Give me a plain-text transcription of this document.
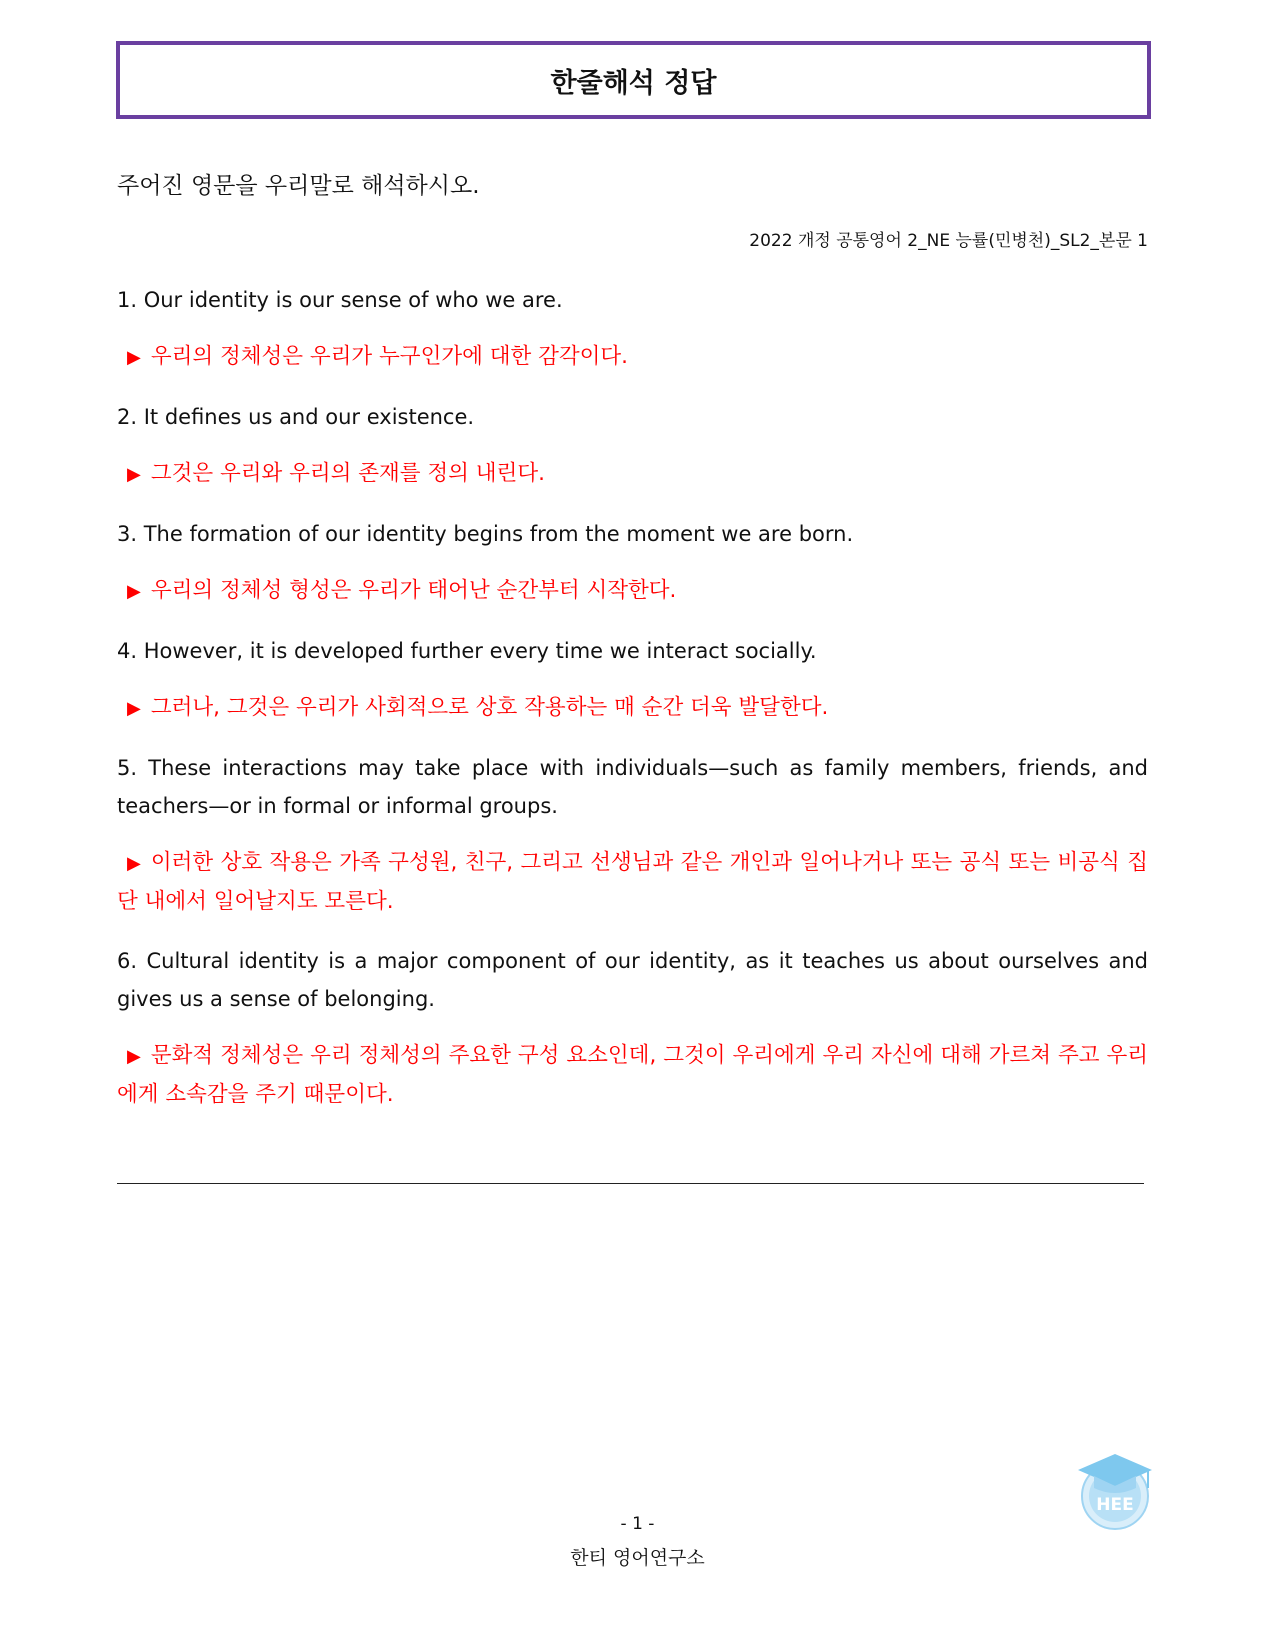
한줄해석 정답
주어진 영문을 우리말로 해석하시오.
2022 개정 공통영어 2_NE 능률(민병천)_SL2_본문 1

1. Our identity is our sense of who we are.

▶ 우리의 정체성은 우리가 누구인가에 대한 감각이다.

2. It defines us and our existence.

▶ 그것은 우리와 우리의 존재를 정의 내린다.

3. The formation of our identity begins from the moment we are born.

▶ 우리의 정체성 형성은 우리가 태어난 순간부터 시작한다.

4. However, it is developed further every time we interact socially.

▶ 그러나, 그것은 우리가 사회적으로 상호 작용하는 매 순간 더욱 발달한다.

5. These interactions may take place with individuals—such as family members, friends, and teachers—or in formal or informal groups.

▶ 이러한 상호 작용은 가족 구성원, 친구, 그리고 선생님과 같은 개인과 일어나거나 또는 공식 또는 비공식 집단 내에서 일어날지도 모른다.

6. Cultural identity is a major component of our identity, as it teaches us about ourselves and gives us a sense of belonging.

▶ 문화적 정체성은 우리 정체성의 주요한 구성 요소인데, 그것이 우리에게 우리 자신에 대해 가르쳐 주고 우리에게 소속감을 주기 때문이다.

HEE
- 1 -
한티 영어연구소
